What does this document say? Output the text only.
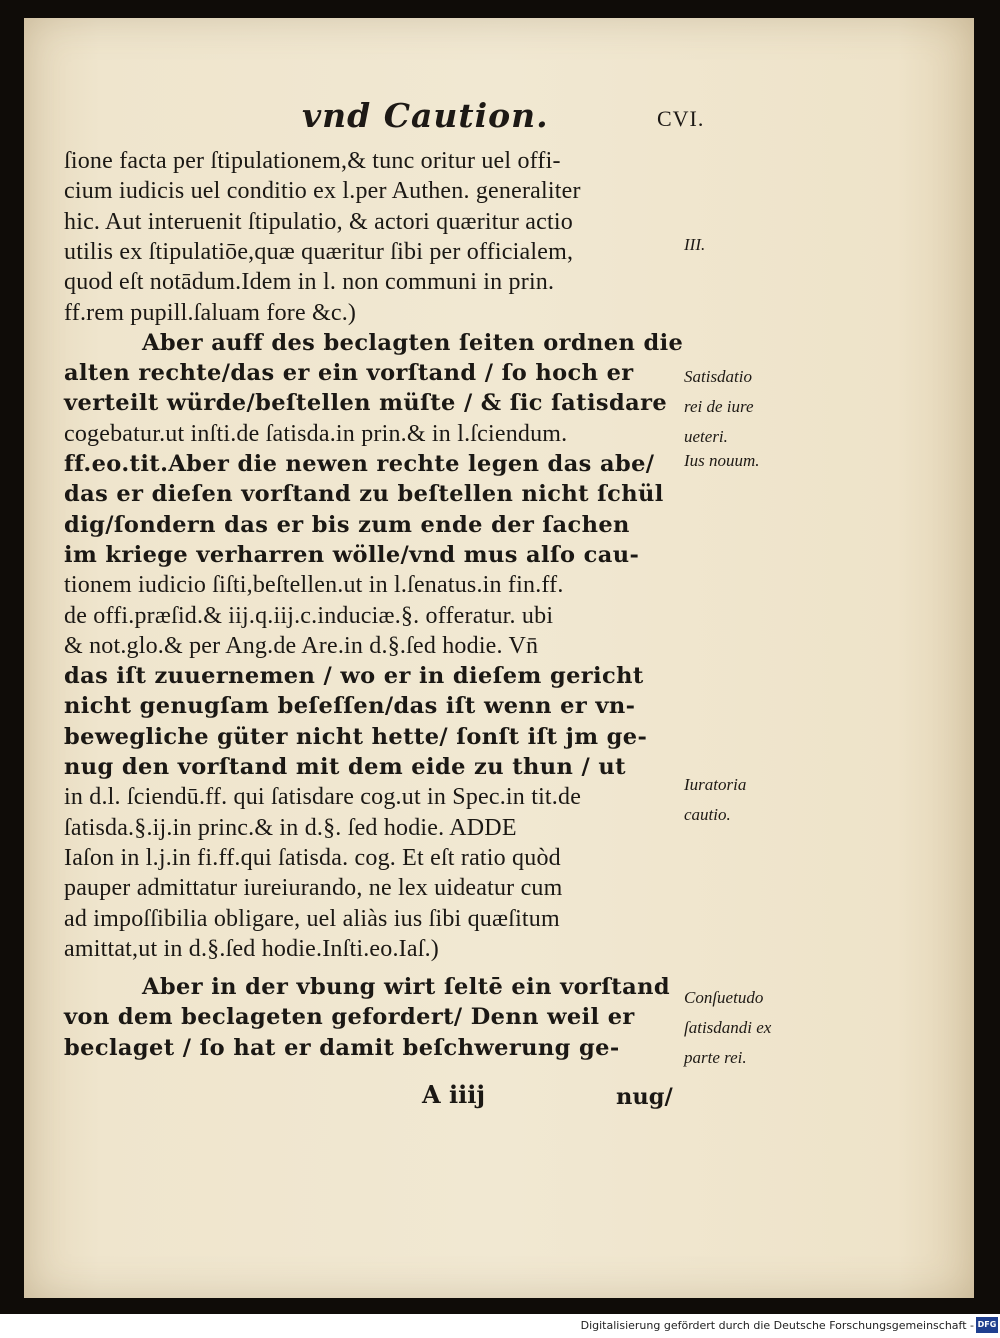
vnd Caution.	CVI.
ſione facta per ſtipulationem,& tunc oritur uel offi-
cium iudicis uel conditio ex l.per Authen. generaliter
hic. Aut interuenit ſtipulatio, & actori quæritur actio
utilis ex ſtipulatiōe,quæ quæritur ſibi per officialem,
quod eſt notādum.Idem in l. non communi in prin.
ff.rem pupill.ſaluam fore &c.)
Aber auff des beclagten ſeiten ordnen die
alten rechte/das er ein vorſtand / ſo hoch er
verteilt würde/beſtellen müſte / & ſic ſatisdare
cogebatur.ut inſti.de ſatisda.in prin.& in l.ſciendum.
ff.eo.tit.Aber die newen rechte legen das abe/
das er dieſen vorſtand zu beſtellen nicht ſchül
dig/ſondern das er bis zum ende der ſachen
im kriege verharren wölle/vnd mus alſo cau-
tionem iudicio ſiſti,beſtellen.ut in l.ſenatus.in fin.ff.
de offi.præſid.& iij.q.iij.c.induciæ.§. offeratur. ubi
& not.glo.& per Ang.de Are.in d.§.ſed hodie. Vn̄
das iſt zuuernemen / wo er in dieſem gericht
nicht genugſam beſeſſen/das iſt wenn er vn-
bewegliche güter nicht hette/ ſonſt iſt jm ge-
nug den vorſtand mit dem eide zu thun / ut
in d.l. ſciendū.ff. qui ſatisdare cog.ut in Spec.in tit.de
ſatisda.§.ij.in princ.& in d.§. ſed hodie. ADDE
Iaſon in l.j.in fi.ff.qui ſatisda. cog. Et eſt ratio quòd
pauper admittatur iureiurando, ne lex uideatur cum
ad impoſſibilia obligare, uel aliàs ius ſibi quæſitum
amittat,ut in d.§.ſed hodie.Inſti.eo.Iaſ.)
Aber in der vbung wirt ſeltē ein vorſtand
von dem beclageten gefordert/ Denn weil er
beclaget / ſo hat er damit beſchwerung ge-
III.
Satisdatio
rei de iure
ueteri.
Ius nouum.
Iuratoria
cautio.
Conſuetudo
ſatisdandi ex
parte rei.
A iiij	nug/
Digitalisierung gefördert durch die Deutsche Forschungsgemeinschaft - DFG
